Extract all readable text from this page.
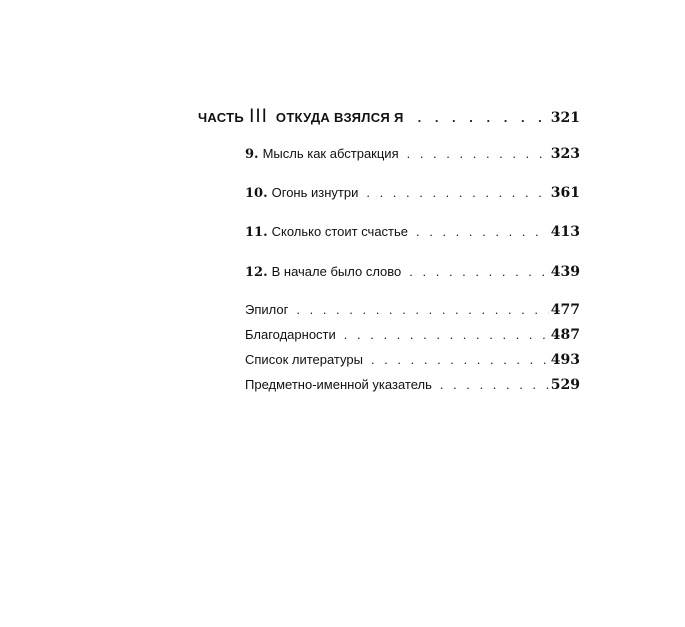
ЧАСТЬ III ОТКУДА ВЗЯЛСЯ Я . . .	321
9. Мысль как абстракция . . .	323
10. Огонь изнутри . . .	361
11. Сколько стоит счастье . . .	413
12. В начале было слово . . .	439
Эпилог . . .	477
Благодарности . . .	487
Список литературы . . .	493
Предметно-именной указатель . . .	529
